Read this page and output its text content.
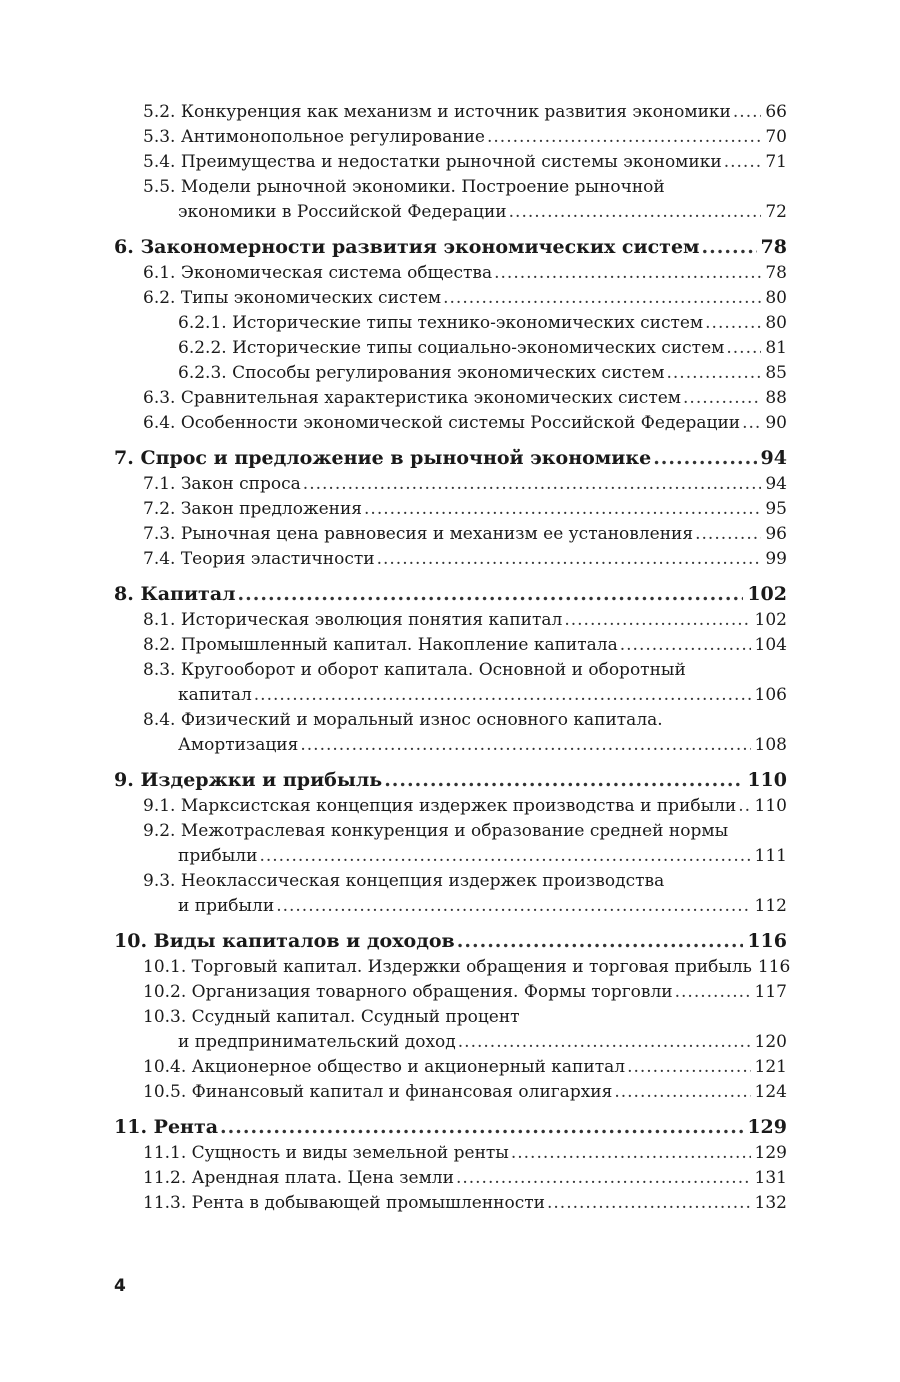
5.2. Конкуренция как механизм и источник развития экономики ..... 66
5.3. Антимонопольное регулирование .....	70
5.4. Преимущества и недостатки рыночной системы экономики .....	71
5.5. Модели рыночной экономики. Построение рыночной
экономики в Российской Федерации .....	72
6. Закономерности развития экономических систем .....	78
6.1. Экономическая система общества .....	78
6.2. Типы экономических систем .....	80
6.2.1. Исторические типы технико-экономических систем .....	80
6.2.2. Исторические типы социально-экономических систем ..... 81
6.2.3. Способы регулирования экономических систем .....	85
6.3. Сравнительная характеристика экономических систем .....	88
6.4. Особенности экономической системы Российской Федерации ..... 90
7. Спрос и предложение в рыночной экономике .....	94
7.1. Закон спроса .....	94
7.2. Закон предложения .....	95
7.3. Рыночная цена равновесия и механизм ее установления .....	96
7.4. Теория эластичности .....	99
8. Капитал .....	102
8.1. Историческая эволюция понятия капитал .....	102
8.2. Промышленный капитал. Накопление капитала .....	104
8.3. Кругооборот и оборот капитала. Основной и оборотный
капитал .....	106
8.4. Физический и моральный износ основного капитала.
Амортизация .....	108
9. Издержки и прибыль .....	110
9.1. Марксистская концепция издержек производства и прибыли ..... 110
9.2. Межотраслевая конкуренция и образование средней нормы
прибыли .....	111
9.3. Неоклассическая концепция издержек производства
и прибыли .....	112
10. Виды капиталов и доходов .....	116
10.1. Торговый капитал. Издержки обращения и торговая прибыль 116
10.2. Организация товарного обращения. Формы торговли .....	117
10.3. Ссудный капитал. Ссудный процент
и предпринимательский доход .....	120
10.4. Акционерное общество и акционерный капитал .....	121
10.5. Финансовый капитал и финансовая олигархия .....	124
11. Рента .....	129
11.1. Сущность и виды земельной ренты .....	129
11.2. Арендная плата. Цена земли .....	131
11.3. Рента в добывающей промышленности .....	132
4
